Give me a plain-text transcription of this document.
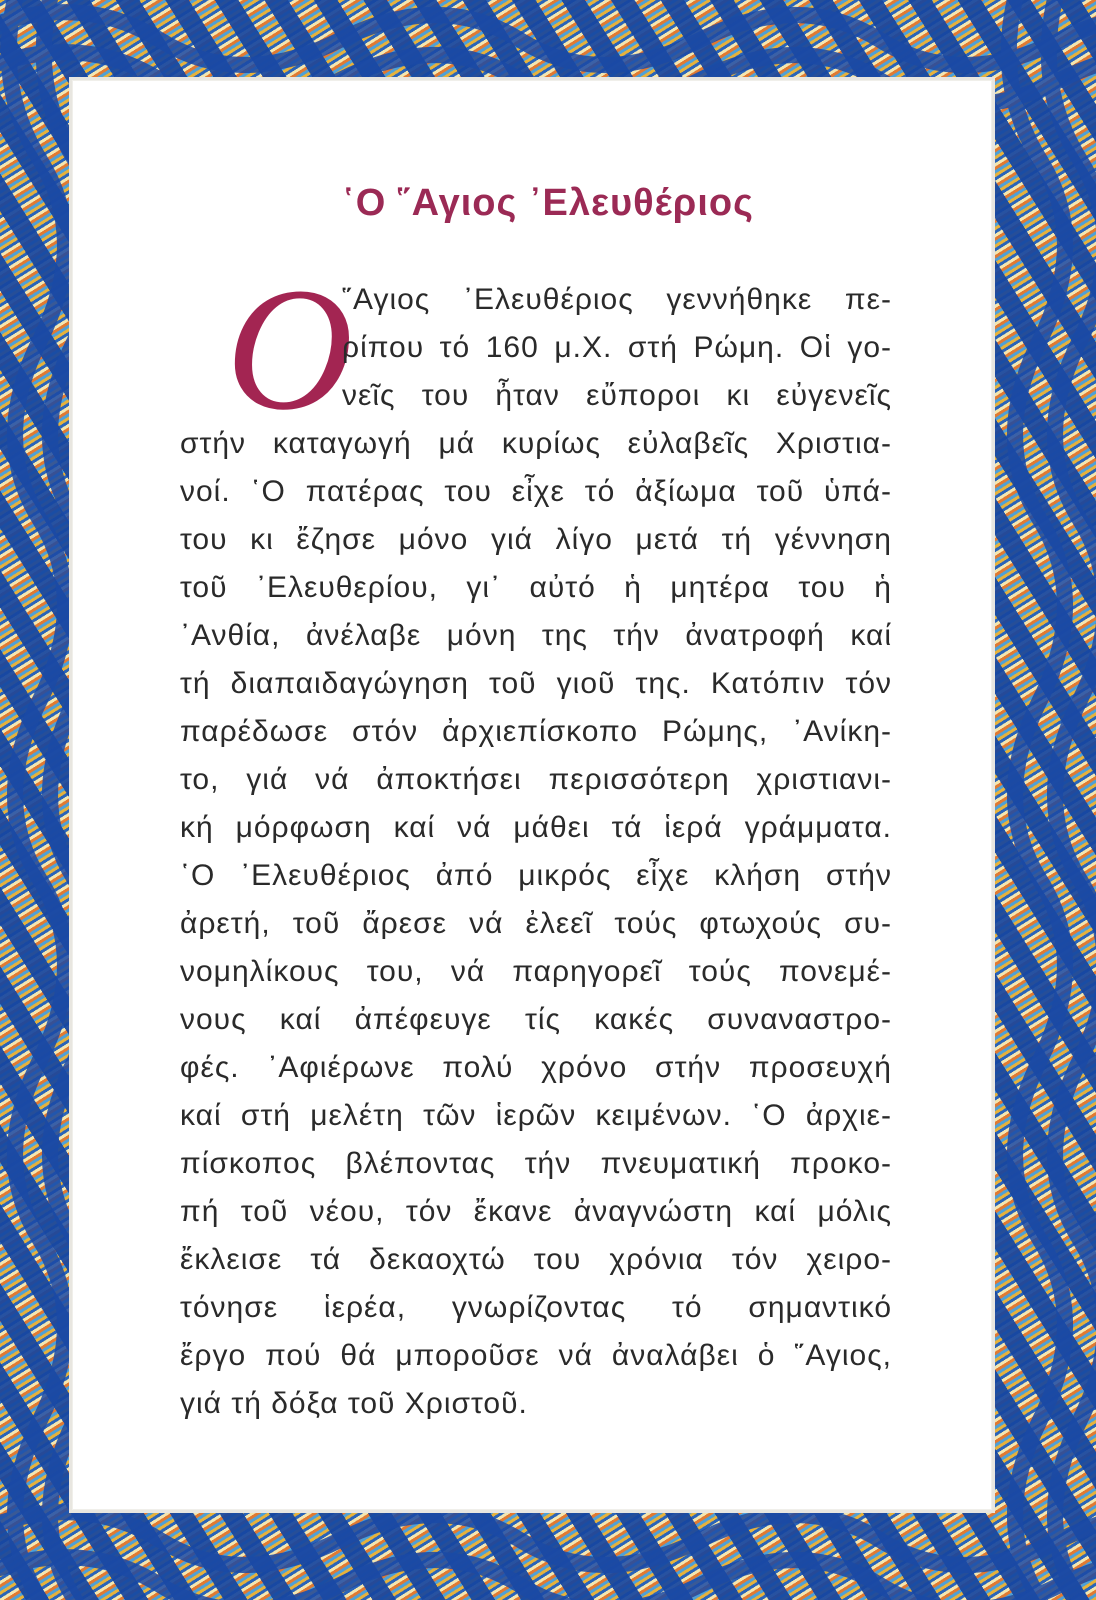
῾Ο ῞Αγιος ᾿Ελευθέριος
O
῞Αγιος ᾿Ελευθέριος γεννήθηκε πε-
ρίπου τό 160 μ.Χ. στή Ρώμη. Οἱ γο-
νεῖς του ἦταν εὔποροι κι εὐγενεῖς
στήν καταγωγή μά κυρίως εὐλαβεῖς Χριστια-
νοί. ῾Ο πατέρας του εἶχε τό ἀξίωμα τοῦ ὑπά-
του κι ἔζησε μόνο γιά λίγο μετά τή γέννηση
τοῦ ᾿Ελευθερίου, γι᾿ αὐτό ἡ μητέρα του ἡ
᾿Ανθία, ἀνέλαβε μόνη της τήν ἀνατροφή καί
τή διαπαιδαγώγηση τοῦ γιοῦ της. Κατόπιν τόν
παρέδωσε στόν ἀρχιεπίσκοπο Ρώμης, ᾿Ανίκη-
το, γιά νά ἀποκτήσει περισσότερη χριστιανι-
κή μόρφωση καί νά μάθει τά ἱερά γράμματα.
῾Ο ᾿Ελευθέριος ἀπό μικρός εἶχε κλήση στήν
ἀρετή, τοῦ ἄρεσε νά ἐλεεῖ τούς φτωχούς συ-
νομηλίκους του, νά παρηγορεῖ τούς πονεμέ-
νους καί ἀπέφευγε τίς κακές συναναστρο-
φές. ᾿Αφιέρωνε πολύ χρόνο στήν προσευχή
καί στή μελέτη τῶν ἱερῶν κειμένων. ῾Ο ἀρχιε-
πίσκοπος βλέποντας τήν πνευματική προκο-
πή τοῦ νέου, τόν ἔκανε ἀναγνώστη καί μόλις
ἔκλεισε τά δεκαοχτώ του χρόνια τόν χειρο-
τόνησε ἱερέα, γνωρίζοντας τό σημαντικό
ἔργο πού θά μποροῦσε νά ἀναλάβει ὁ ῞Αγιος,
γιά τή δόξα τοῦ Χριστοῦ.
